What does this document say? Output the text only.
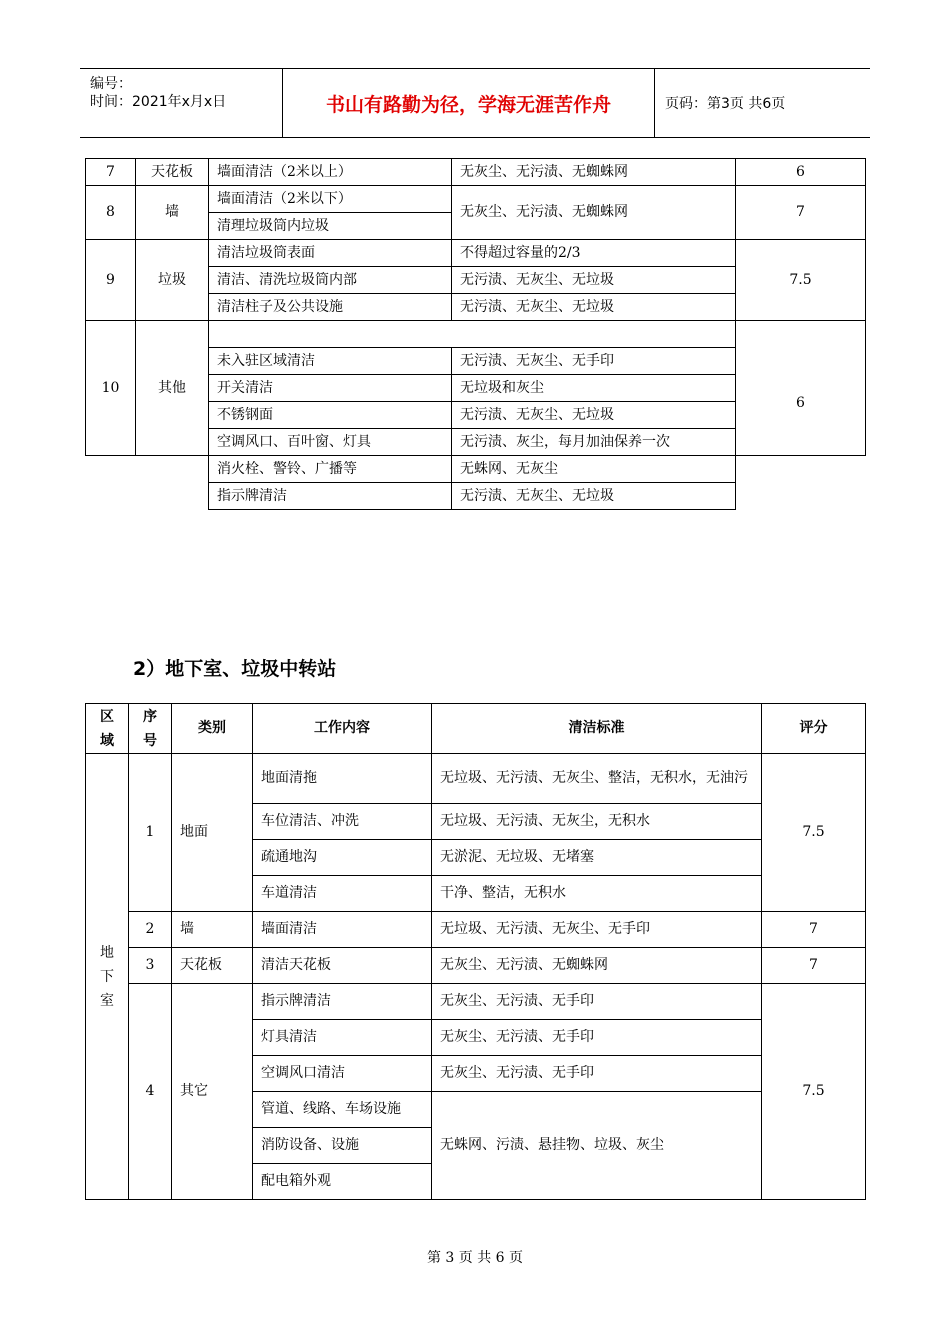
编号：
时间：2021年x月x日	书山有路勤为径，学海无涯苦作舟	页码：第3页 共6页
7	天花板	墙面清洁（2米以上）	无灰尘、无污渍、无蜘蛛网	6
8	墙	墙面清洁（2米以下）	无灰尘、无污渍、无蜘蛛网	7
		清理垃圾筒内垃圾		
9	垃圾	清洁垃圾筒表面	不得超过容量的2/3	7.5
		清洁、清洗垃圾筒内部	无污渍、无灰尘、无垃圾	
		清洁柱子及公共设施	无污渍、无灰尘、无垃圾	
10	其他			6
		未入驻区域清洁	无污渍、无灰尘、无手印	
		开关清洁	无垃圾和灰尘	
		不锈钢面	无污渍、无灰尘、无垃圾	
		空调风口、百叶窗、灯具	无污渍、灰尘，每月加油保养一次	
		消火栓、警铃、广播等	无蛛网、无灰尘	
		指示牌清洁	无污渍、无灰尘、无垃圾	
2）地下室、垃圾中转站
区域	序号	类别	工作内容	清洁标准	评分
地下室	1	地面	地面清拖	无垃圾、无污渍、无灰尘、整洁，无积水，无油污	7.5
			车位清洁、冲洗	无垃圾、无污渍、无灰尘，无积水	
			疏通地沟	无淤泥、无垃圾、无堵塞	
			车道清洁	干净、整洁，无积水	
	2	墙	墙面清洁	无垃圾、无污渍、无灰尘、无手印	7
	3	天花板	清洁天花板	无灰尘、无污渍、无蜘蛛网	7
	4	其它	指示牌清洁	无灰尘、无污渍、无手印	7.5
			灯具清洁	无灰尘、无污渍、无手印	
			空调风口清洁	无灰尘、无污渍、无手印	
			管道、线路、车场设施	无蛛网、污渍、悬挂物、垃圾、灰尘	
			消防设备、设施		
			配电箱外观		
第 3 页 共 6 页
